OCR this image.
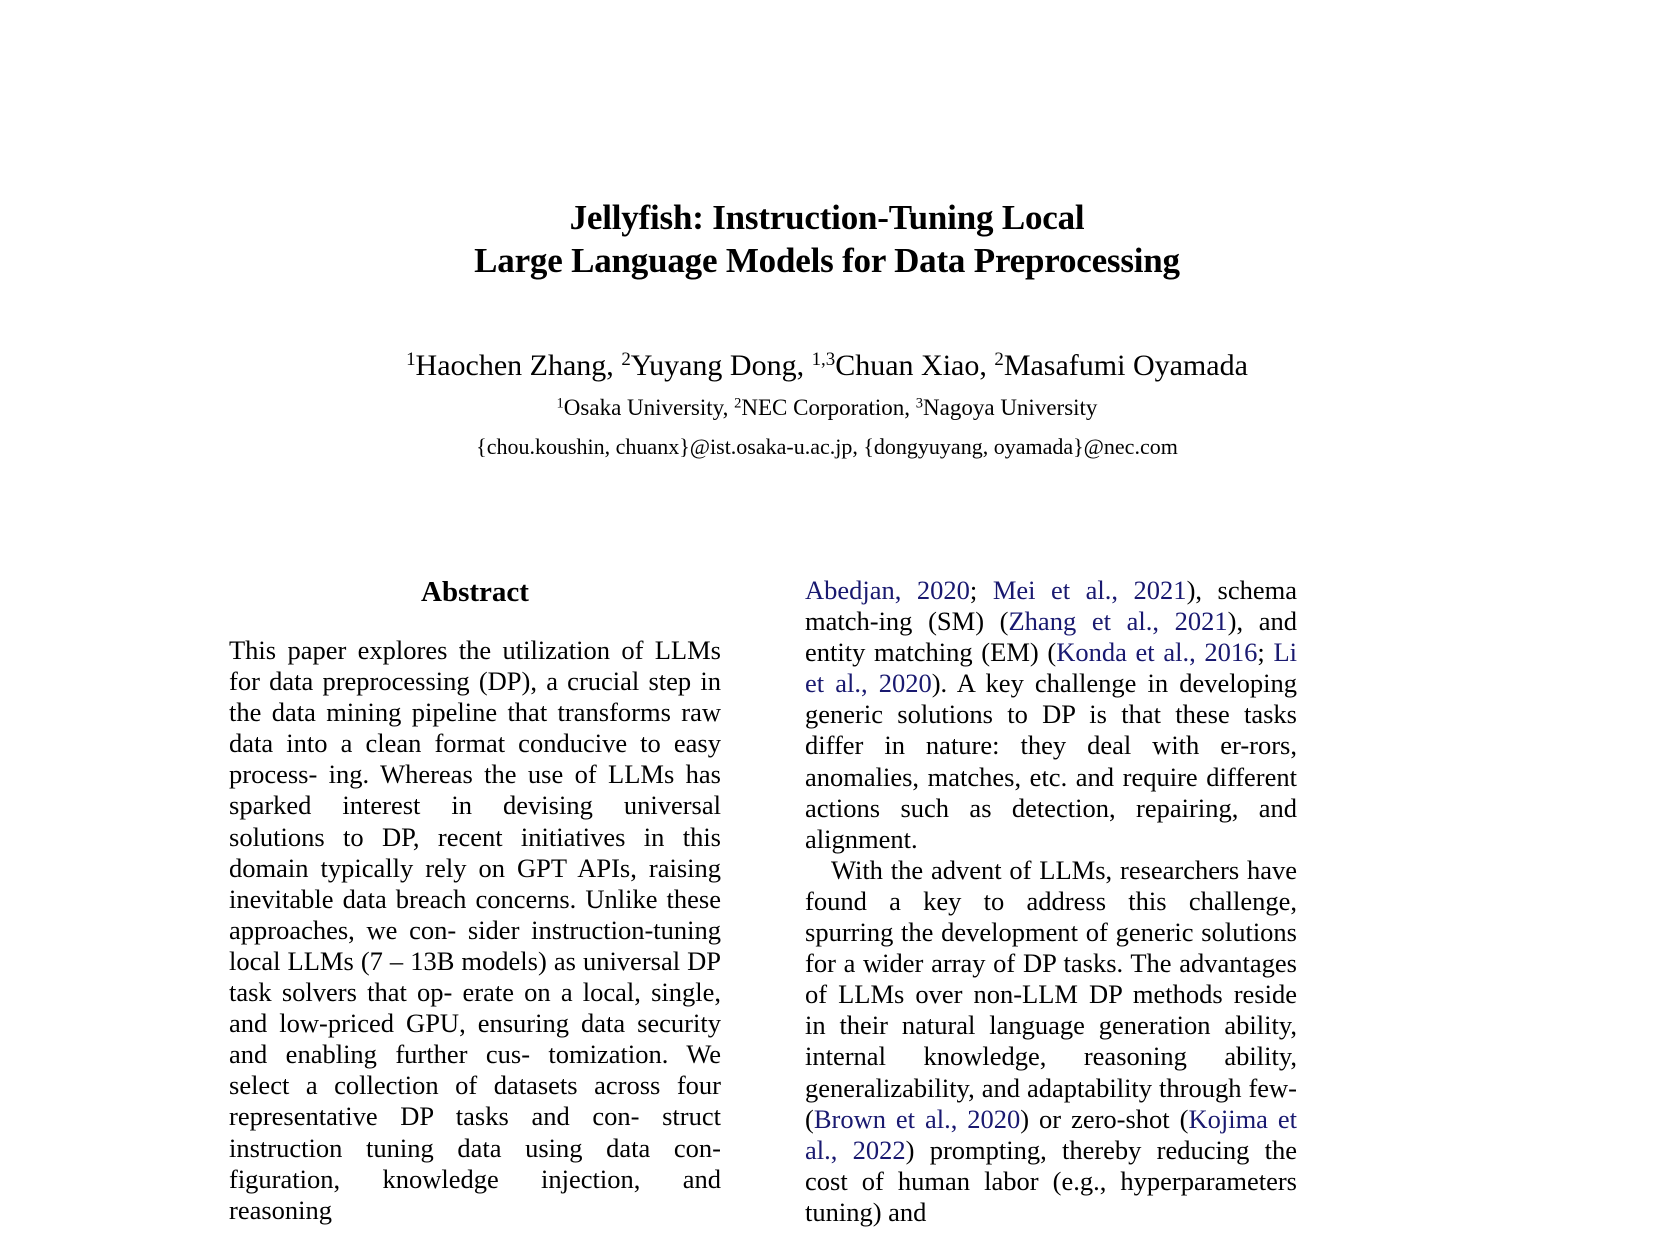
Jellyfish: Instruction-Tuning Local
Large Language Models for Data Preprocessing
$^1$Haochen Zhang, $^2$Yuyang Dong, $^{1,3}$Chuan Xiao, $^2$Masafumi Oyamada
$^1$Osaka University, $^2$NEC Corporation, $^3$Nagoya University
{chou.koushin, chuanx}@ist.osaka-u.ac.jp, {dongyuyang, oyamada}@nec.com
Abstract

This paper explores the utilization of LLMs for data preprocessing (DP), a crucial step in the data mining pipeline that transforms raw data into a clean format conducive to easy process- ing. Whereas the use of LLMs has sparked interest in devising universal solutions to DP, recent initiatives in this domain typically rely on GPT APIs, raising inevitable data breach concerns. Unlike these approaches, we con- sider instruction-tuning local LLMs (7 – 13B models) as universal DP task solvers that op- erate on a local, single, and low-priced GPU, ensuring data security and enabling further cus- tomization. We select a collection of datasets across four representative DP tasks and con- struct instruction tuning data using data con- figuration, knowledge injection, and reasoning

Abedjan, 2020; Mei et al., 2021), schema match-ing (SM) (Zhang et al., 2021), and entity matching (EM) (Konda et al., 2016; Li et al., 2020). A key challenge in developing generic solutions to DP is that these tasks differ in nature: they deal with er-rors, anomalies, matches, etc. and require different actions such as detection, repairing, and alignment.

With the advent of LLMs, researchers have found a key to address this challenge, spurring the development of generic solutions for a wider array of DP tasks. The advantages of LLMs over non-LLM DP methods reside in their natural language generation ability, internal knowledge, reasoning ability, generalizability, and adaptability through few- (Brown et al., 2020) or zero-shot (Kojima et al., 2022) prompting, thereby reducing the cost of human labor (e.g., hyperparameters tuning) and
